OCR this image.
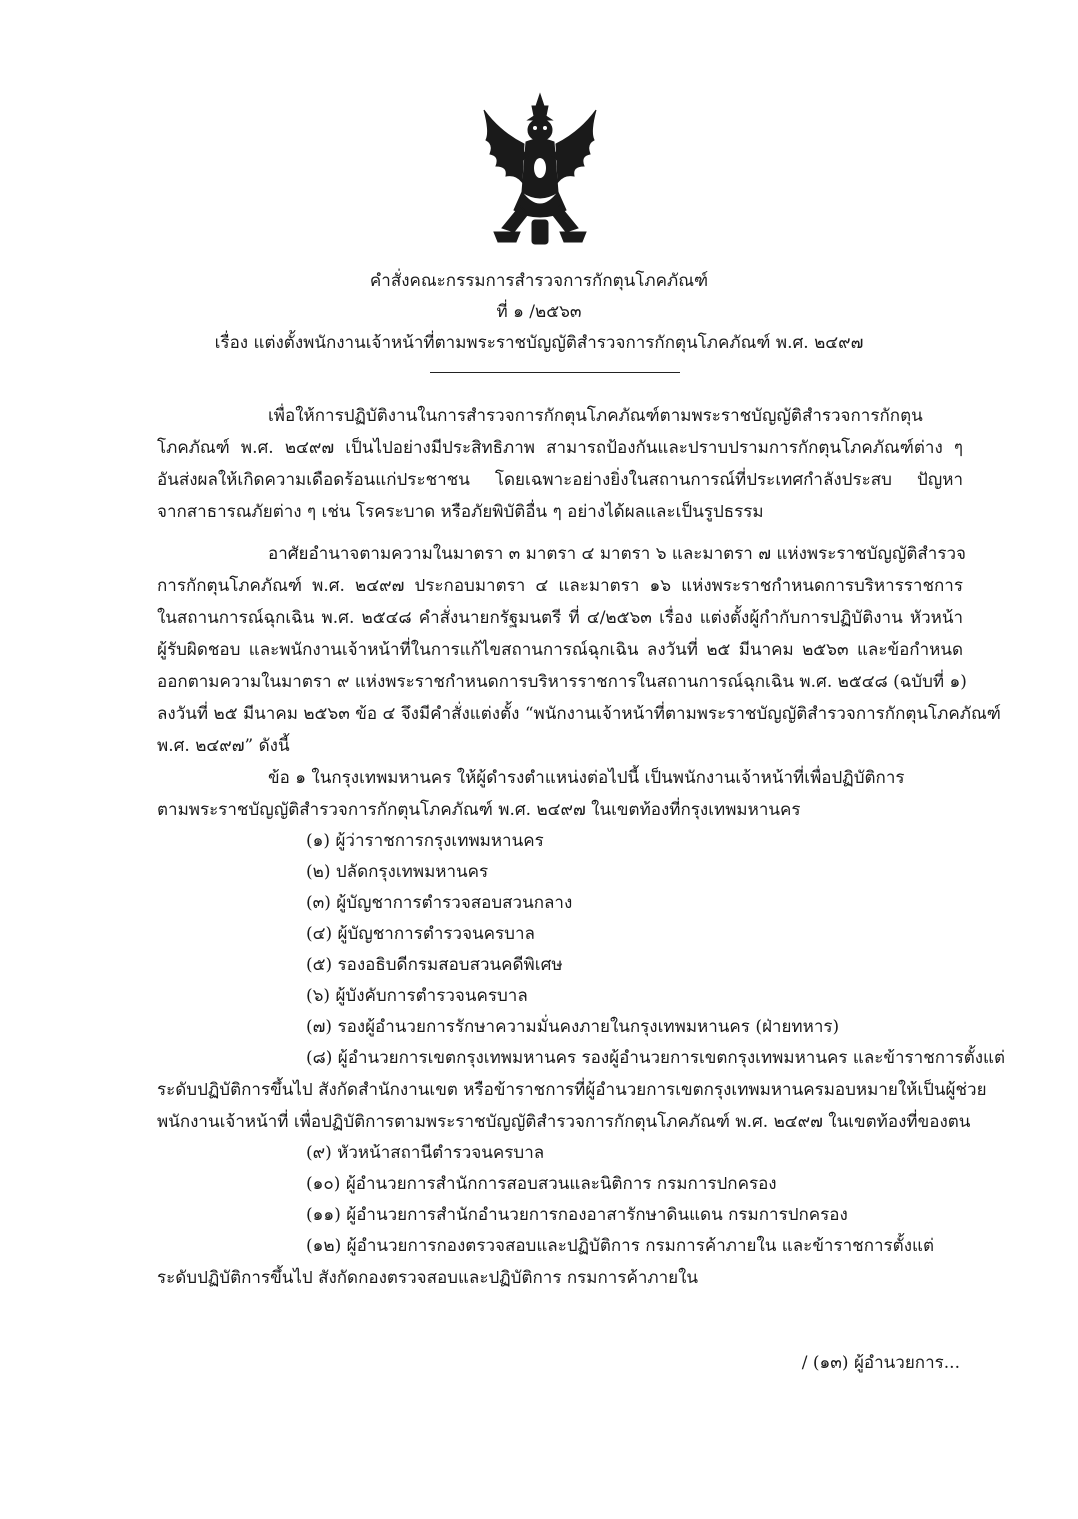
คำสั่งคณะกรรมการสำรวจการกักตุนโภคภัณฑ์
ที่ ๑ /๒๕๖๓
เรื่อง แต่งตั้งพนักงานเจ้าหน้าที่ตามพระราชบัญญัติสำรวจการกักตุนโภคภัณฑ์ พ.ศ. ๒๔๙๗
เพื่อให้การปฏิบัติงานในการสำรวจการกักตุนโภคภัณฑ์ตามพระราชบัญญัติสำรวจการกักตุน
โภคภัณฑ์ พ.ศ. ๒๔๙๗ เป็นไปอย่างมีประสิทธิภาพ สามารถป้องกันและปราบปรามการกักตุนโภคภัณฑ์ต่าง ๆ
อันส่งผลให้เกิดความเดือดร้อนแก่ประชาชน โดยเฉพาะอย่างยิ่งในสถานการณ์ที่ประเทศกำลังประสบ ปัญหา
จากสาธารณภัยต่าง ๆ เช่น โรคระบาด หรือภัยพิบัติอื่น ๆ อย่างได้ผลและเป็นรูปธรรม
อาศัยอำนาจตามความในมาตรา ๓ มาตรา ๔ มาตรา ๖ และมาตรา ๗ แห่งพระราชบัญญัติสำรวจ
การกักตุนโภคภัณฑ์ พ.ศ. ๒๔๙๗ ประกอบมาตรา ๔ และมาตรา ๑๖ แห่งพระราชกำหนดการบริหารราชการ
ในสถานการณ์ฉุกเฉิน พ.ศ. ๒๕๔๘ คำสั่งนายกรัฐมนตรี ที่ ๔/๒๕๖๓ เรื่อง แต่งตั้งผู้กำกับการปฏิบัติงาน หัวหน้า
ผู้รับผิดชอบ และพนักงานเจ้าหน้าที่ในการแก้ไขสถานการณ์ฉุกเฉิน ลงวันที่ ๒๕ มีนาคม ๒๕๖๓ และข้อกำหนด
ออกตามความในมาตรา ๙ แห่งพระราชกำหนดการบริหารราชการในสถานการณ์ฉุกเฉิน พ.ศ. ๒๕๔๘ (ฉบับที่ ๑)
ลงวันที่ ๒๕ มีนาคม ๒๕๖๓ ข้อ ๔ จึงมีคำสั่งแต่งตั้ง “พนักงานเจ้าหน้าที่ตามพระราชบัญญัติสำรวจการกักตุนโภคภัณฑ์
พ.ศ. ๒๔๙๗” ดังนี้
ข้อ ๑ ในกรุงเทพมหานคร ให้ผู้ดำรงตำแหน่งต่อไปนี้ เป็นพนักงานเจ้าหน้าที่เพื่อปฏิบัติการ
ตามพระราชบัญญัติสำรวจการกักตุนโภคภัณฑ์ พ.ศ. ๒๔๙๗ ในเขตท้องที่กรุงเทพมหานคร
(๑) ผู้ว่าราชการกรุงเทพมหานคร
(๒) ปลัดกรุงเทพมหานคร
(๓) ผู้บัญชาการตำรวจสอบสวนกลาง
(๔) ผู้บัญชาการตำรวจนครบาล
(๕) รองอธิบดีกรมสอบสวนคดีพิเศษ
(๖) ผู้บังคับการตำรวจนครบาล
(๗) รองผู้อำนวยการรักษาความมั่นคงภายในกรุงเทพมหานคร (ฝ่ายทหาร)
(๘) ผู้อำนวยการเขตกรุงเทพมหานคร รองผู้อำนวยการเขตกรุงเทพมหานคร และข้าราชการตั้งแต่
ระดับปฏิบัติการขึ้นไป สังกัดสำนักงานเขต หรือข้าราชการที่ผู้อำนวยการเขตกรุงเทพมหานครมอบหมายให้เป็นผู้ช่วย
พนักงานเจ้าหน้าที่ เพื่อปฏิบัติการตามพระราชบัญญัติสำรวจการกักตุนโภคภัณฑ์ พ.ศ. ๒๔๙๗ ในเขตท้องที่ของตน
(๙) หัวหน้าสถานีตำรวจนครบาล
(๑๐) ผู้อำนวยการสำนักการสอบสวนและนิติการ กรมการปกครอง
(๑๑) ผู้อำนวยการสำนักอำนวยการกองอาสารักษาดินแดน กรมการปกครอง
(๑๒) ผู้อำนวยการกองตรวจสอบและปฏิบัติการ กรมการค้าภายใน และข้าราชการตั้งแต่
ระดับปฏิบัติการขึ้นไป สังกัดกองตรวจสอบและปฏิบัติการ กรมการค้าภายใน
/ (๑๓) ผู้อำนวยการ...
